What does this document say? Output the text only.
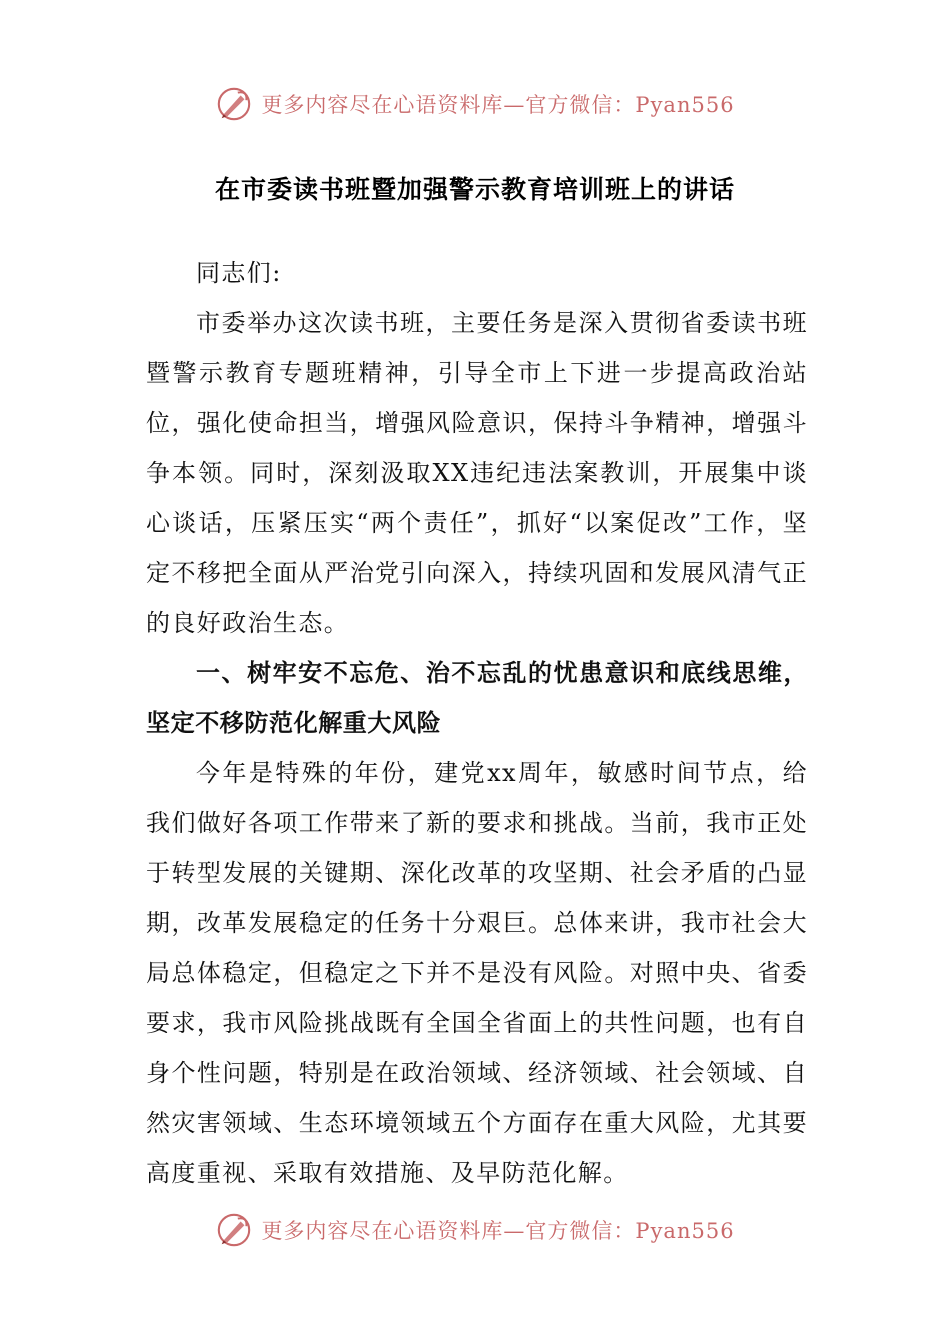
更多内容尽在心语资料库—官方微信：Pyan556
在市委读书班暨加强警示教育培训班上的讲话

同志们:

市委举办这次读书班，主要任务是深入贯彻省委读书班暨警示教育专题班精神，引导全市上下进一步提高政治站位，强化使命担当，增强风险意识，保持斗争精神，增强斗争本领。同时，深刻汲取XX违纪违法案教训，开展集中谈心谈话，压紧压实“两个责任”，抓好“以案促改”工作，坚定不移把全面从严治党引向深入，持续巩固和发展风清气正的良好政治生态。

一、树牢安不忘危、治不忘乱的忧患意识和底线思维，坚定不移防范化解重大风险

今年是特殊的年份，建党xx周年，敏感时间节点，给我们做好各项工作带来了新的要求和挑战。当前，我市正处于转型发展的关键期、深化改革的攻坚期、社会矛盾的凸显期，改革发展稳定的任务十分艰巨。总体来讲，我市社会大局总体稳定，但稳定之下并不是没有风险。对照中央、省委要求，我市风险挑战既有全国全省面上的共性问题，也有自身个性问题，特别是在政治领域、经济领域、社会领域、自然灾害领域、生态环境领域五个方面存在重大风险，尤其要高度重视、采取有效措施、及早防范化解。

更多内容尽在心语资料库—官方微信：Pyan556
